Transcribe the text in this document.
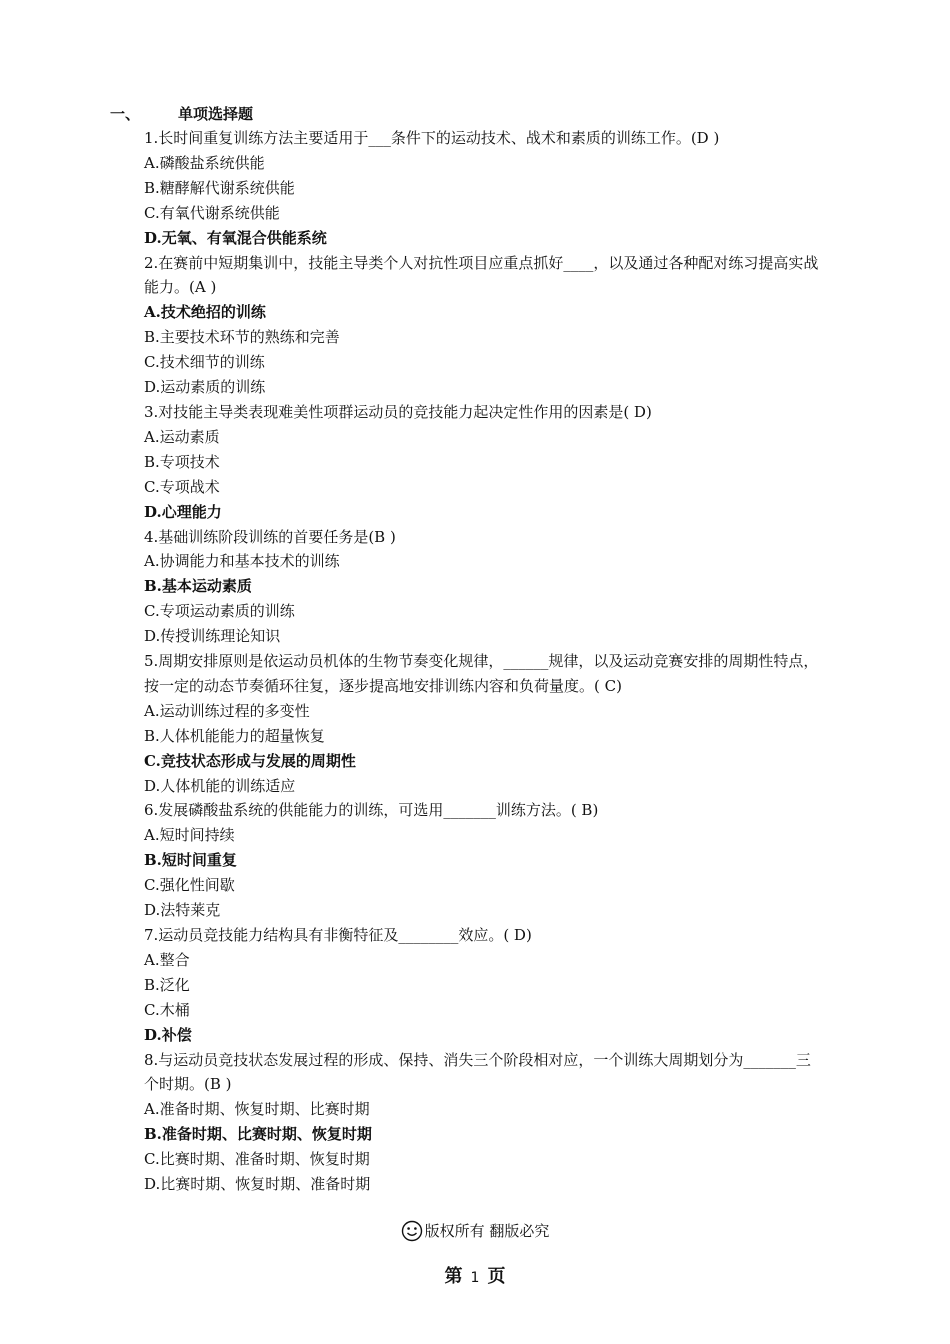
一、	单项选择题
1.长时间重复训练方法主要适用于___条件下的运动技术、战术和素质的训练工作。(D )
A.磷酸盐系统供能
B.糖酵解代谢系统供能
C.有氧代谢系统供能
D.无氧、有氧混合供能系统
2.在赛前中短期集训中，技能主导类个人对抗性项目应重点抓好____，以及通过各种配对练习提高实战能力。(A )
A.技术绝招的训练
B.主要技术环节的熟练和完善
C.技术细节的训练
D.运动素质的训练
3.对技能主导类表现难美性项群运动员的竞技能力起决定性作用的因素是( D)
A.运动素质
B.专项技术
C.专项战术
D.心理能力
4.基础训练阶段训练的首要任务是(B )
A.协调能力和基本技术的训练
B.基本运动素质
C.专项运动素质的训练
D.传授训练理论知识
5.周期安排原则是依运动员机体的生物节奏变化规律，______规律，以及运动竞赛安排的周期性特点，按一定的动态节奏循环往复，逐步提高地安排训练内容和负荷量度。( C)
A.运动训练过程的多变性
B.人体机能能力的超量恢复
C.竞技状态形成与发展的周期性
D.人体机能的训练适应
6.发展磷酸盐系统的供能能力的训练，可选用_______训练方法。( B)
A.短时间持续
B.短时间重复
C.强化性间歇
D.法特莱克
7.运动员竞技能力结构具有非衡特征及________效应。( D)
A.整合
B.泛化
C.木桶
D.补偿
8.与运动员竞技状态发展过程的形成、保持、消失三个阶段相对应，一个训练大周期划分为_______三个时期。(B )
A.准备时期、恢复时期、比赛时期
B.准备时期、比赛时期、恢复时期
C.比赛时期、准备时期、恢复时期
D.比赛时期、恢复时期、准备时期
版权所有 翻版必究
第 1 页
